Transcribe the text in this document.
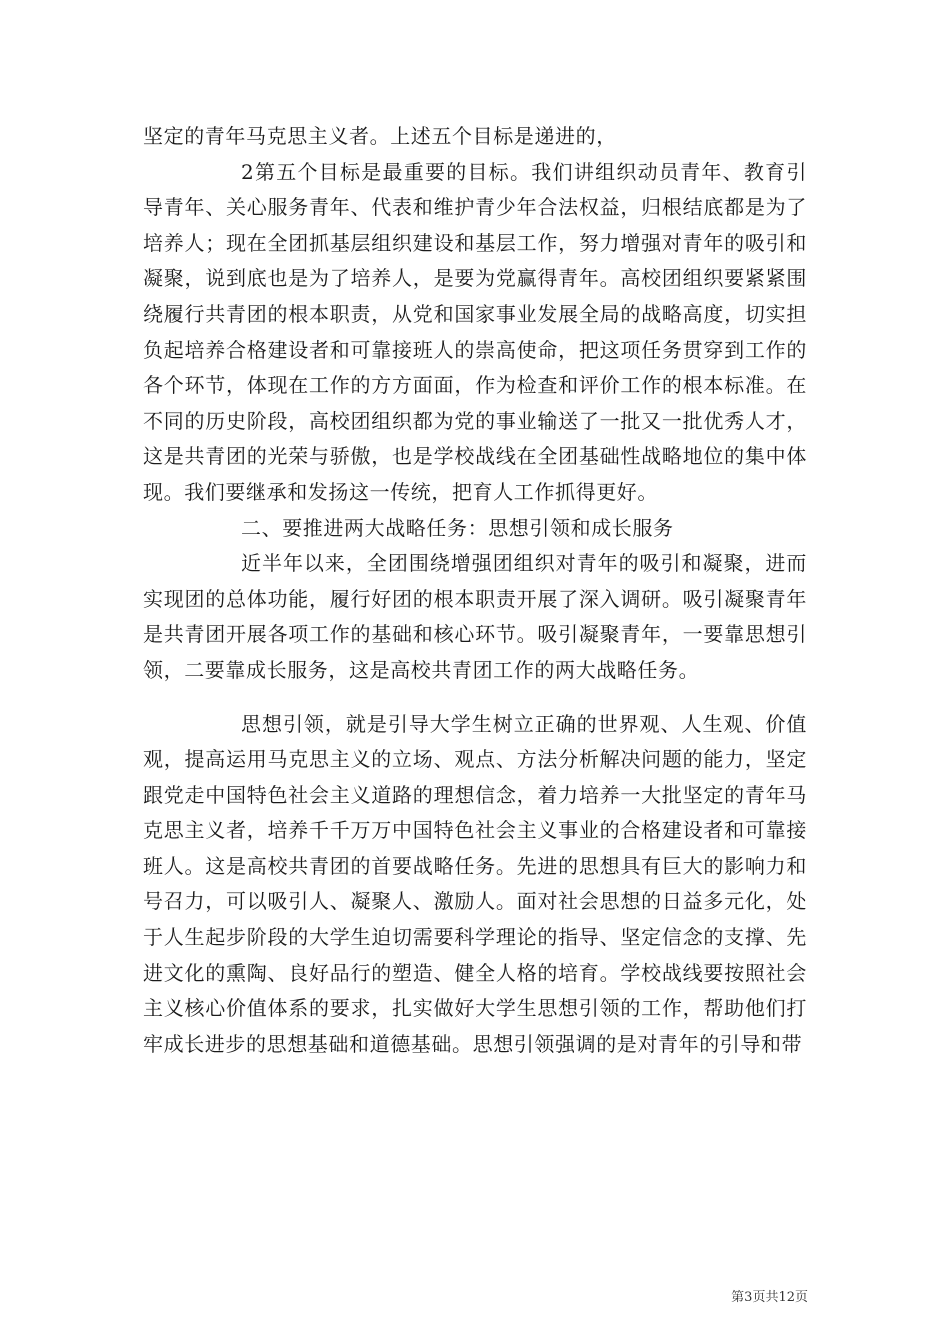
坚定的青年马克思主义者。上述五个目标是递进的，

2第五个目标是最重要的目标。我们讲组织动员青年、教育引导青年、关心服务青年、代表和维护青少年合法权益，归根结底都是为了培养人；现在全团抓基层组织建设和基层工作，努力增强对青年的吸引和凝聚，说到底也是为了培养人，是要为党赢得青年。高校团组织要紧紧围绕履行共青团的根本职责，从党和国家事业发展全局的战略高度，切实担负起培养合格建设者和可靠接班人的崇高使命，把这项任务贯穿到工作的各个环节，体现在工作的方方面面，作为检查和评价工作的根本标准。在不同的历史阶段，高校团组织都为党的事业输送了一批又一批优秀人才，这是共青团的光荣与骄傲，也是学校战线在全团基础性战略地位的集中体现。我们要继承和发扬这一传统，把育人工作抓得更好。

二、要推进两大战略任务：思想引领和成长服务

近半年以来，全团围绕增强团组织对青年的吸引和凝聚，进而实现团的总体功能，履行好团的根本职责开展了深入调研。吸引凝聚青年是共青团开展各项工作的基础和核心环节。吸引凝聚青年，一要靠思想引领，二要靠成长服务，这是高校共青团工作的两大战略任务。

思想引领，就是引导大学生树立正确的世界观、人生观、价值观，提高运用马克思主义的立场、观点、方法分析解决问题的能力，坚定跟党走中国特色社会主义道路的理想信念，着力培养一大批坚定的青年马克思主义者，培养千千万万中国特色社会主义事业的合格建设者和可靠接班人。这是高校共青团的首要战略任务。先进的思想具有巨大的影响力和号召力，可以吸引人、凝聚人、激励人。面对社会思想的日益多元化，处于人生起步阶段的大学生迫切需要科学理论的指导、坚定信念的支撑、先进文化的熏陶、良好品行的塑造、健全人格的培育。学校战线要按照社会主义核心价值体系的要求，扎实做好大学生思想引领的工作，帮助他们打牢成长进步的思想基础和道德基础。思想引领强调的是对青年的引导和带

第3页共12页
